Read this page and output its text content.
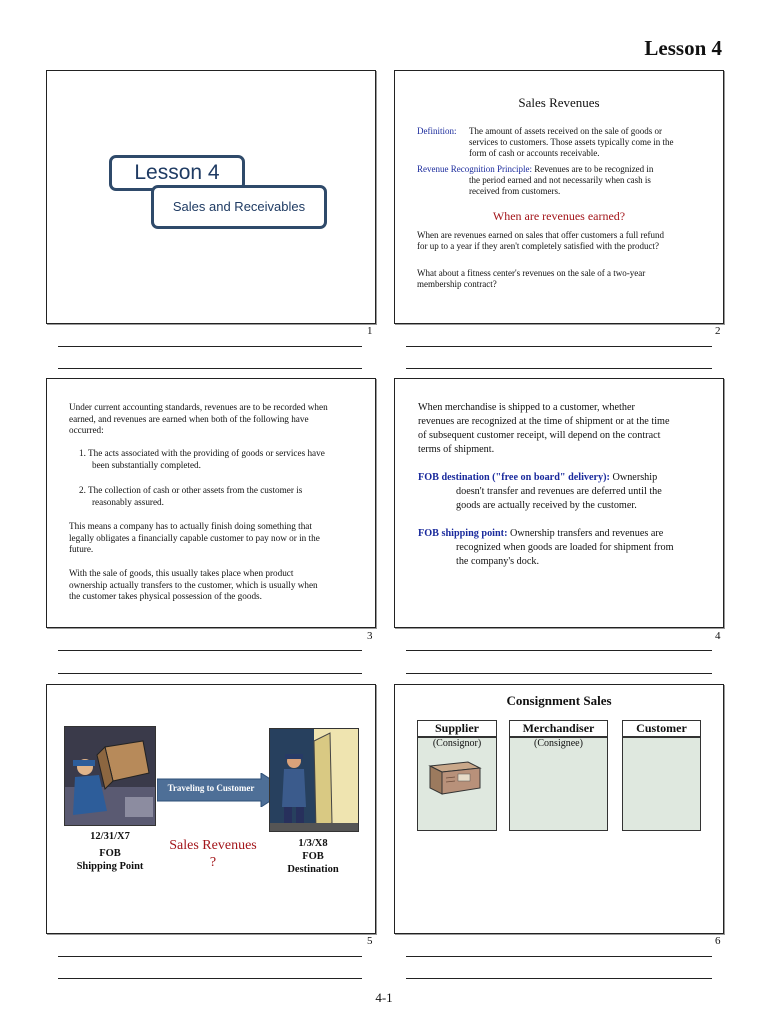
Lesson 4
Lesson 4
Sales and Receivables
1
Sales Revenues
Definition: The amount of assets received on the sale of goods or
services to customers. Those assets typically come in the
form of cash or accounts receivable.
Revenue Recognition Principle: Revenues are to be recognized in
the period earned and not necessarily when cash is
received from customers.
When are revenues earned?
When are revenues earned on sales that offer customers a full refund
for up to a year if they aren't completely satisfied with the product?
What about a fitness center's revenues on the sale of a two-year
membership contract?
2
Under current accounting standards, revenues are to be recorded when
earned, and revenues are earned when both of the following have
occurred:
1. The acts associated with the providing of goods or services have
been substantially completed.
2. The collection of cash or other assets from the customer is
reasonably assured.
This means a company has to actually finish doing something that
legally obligates a financially capable customer to pay now or in the
future.
With the sale of goods, this usually takes place when product
ownership actually transfers to the customer, which is usually when
the customer takes physical possession of the goods.
3
When merchandise is shipped to a customer, whether
revenues are recognized at the time of shipment or at the time
of subsequent customer receipt, will depend on the contract
terms of shipment.
FOB destination ("free on board" delivery): Ownership
doesn't transfer and revenues are deferred until the
goods are actually received by the customer.
FOB shipping point: Ownership transfers and revenues are
recognized when goods are loaded for shipment from
the company's dock.
4
Traveling to Customer
12/31/X7
FOB
Shipping Point
Sales Revenues
?
1/3/X8
FOB
Destination
5
Consignment Sales
Supplier
(Consignor)
Merchandiser
(Consignee)
Customer
6
4-1
